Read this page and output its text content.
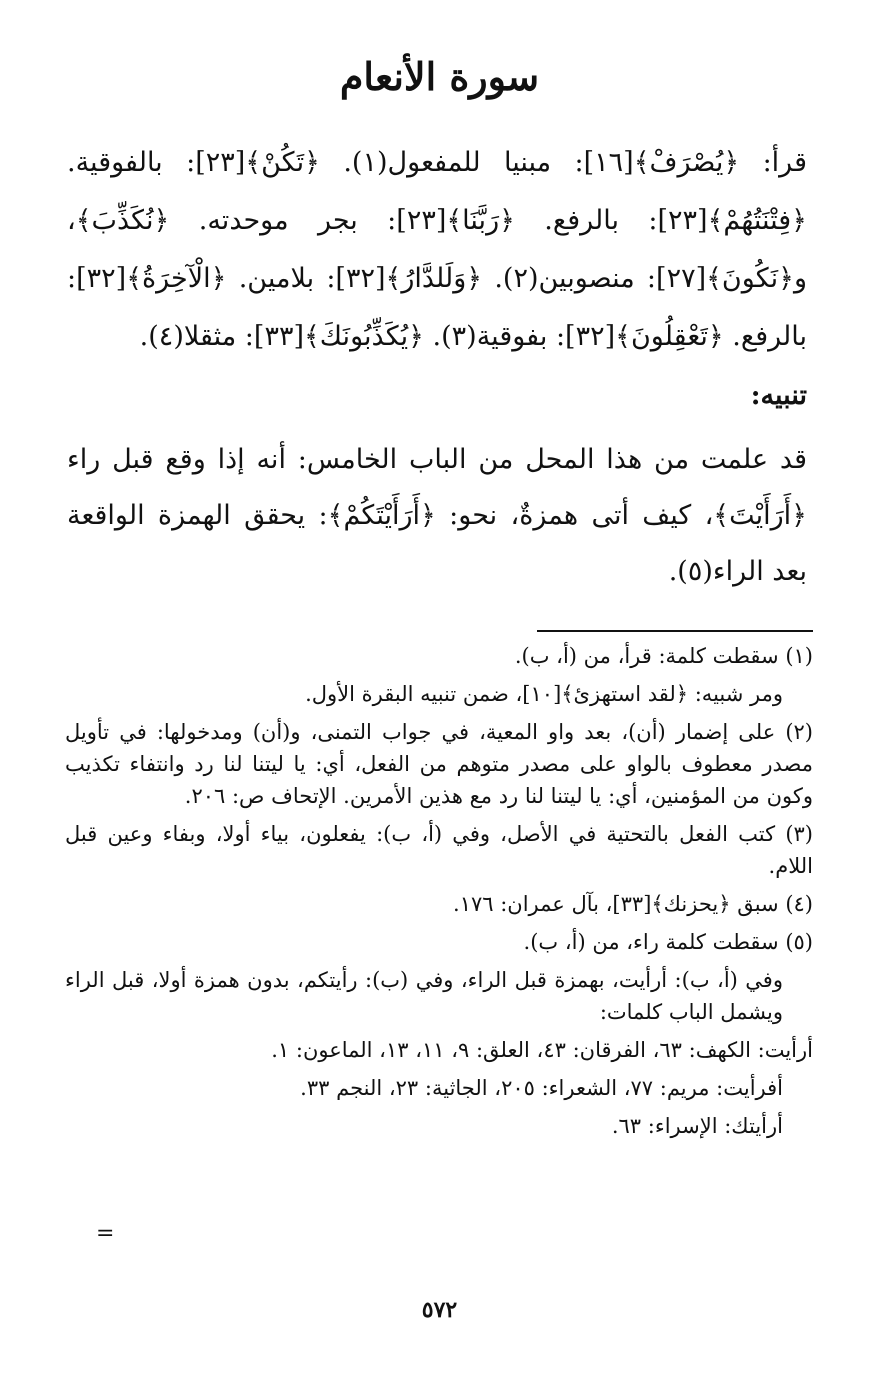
سورة الأنعام

قرأ: ﴿يُصْرَفْ﴾[١٦]: مبنيا للمفعول(١). ﴿تَكُنْ﴾[٢٣]: بالفوقية. ﴿فِتْنَتُهُمْ﴾[٢٣]: بالرفع. ﴿رَبَّنَا﴾[٢٣]: بجر موحدته. ﴿نُكَذِّبَ﴾، و﴿نَكُونَ﴾[٢٧]: منصوبين(٢). ﴿وَلَلدَّارُ﴾[٣٢]: بلامين. ﴿الْآخِرَةُ﴾[٣٢]: بالرفع. ﴿تَعْقِلُونَ﴾[٣٢]: بفوقية(٣). ﴿يُكَذِّبُونَكَ﴾[٣٣]: مثقلا(٤).

تنبيه:

قد علمت من هذا المحل من الباب الخامس: أنه إذا وقع قبل راء ﴿أَرَأَيْتَ﴾، كيف أتى همزةٌ، نحو: ﴿أَرَأَيْتَكُمْ﴾: يحقق الهمزة الواقعة بعد الراء(٥).

(١) سقطت كلمة: قرأ، من (أ، ب).

ومر شبيه: ﴿لقد استهزئ﴾[١٠]، ضمن تنبيه البقرة الأول.

(٢) على إضمار (أن)، بعد واو المعية، في جواب التمنى، و(أن) ومدخولها: في تأويل مصدر معطوف بالواو على مصدر متوهم من الفعل، أي: يا ليتنا لنا رد وانتفاء تكذيب وكون من المؤمنين، أي: يا ليتنا لنا رد مع هذين الأمرين. الإتحاف ص: ٢٠٦.

(٣) كتب الفعل بالتحتية في الأصل، وفي (أ، ب): يفعلون، بياء أولا، وبفاء وعين قبل اللام.

(٤) سبق ﴿يحزنك﴾[٣٣]، بآل عمران: ١٧٦.

(٥) سقطت كلمة راء، من (أ، ب).

وفي (أ، ب): أرأيت، بهمزة قبل الراء، وفي (ب): رأيتكم، بدون همزة أولا، قبل الراء ويشمل الباب كلمات:

أرأيت: الكهف: ٦٣، الفرقان: ٤٣، العلق: ٩، ١١، ١٣، الماعون: ١.

أفرأيت: مريم: ٧٧، الشعراء: ٢٠٥، الجاثية: ٢٣، النجم ٣٣.

أرأيتك: الإسراء: ٦٣.

=
٥٧٢
